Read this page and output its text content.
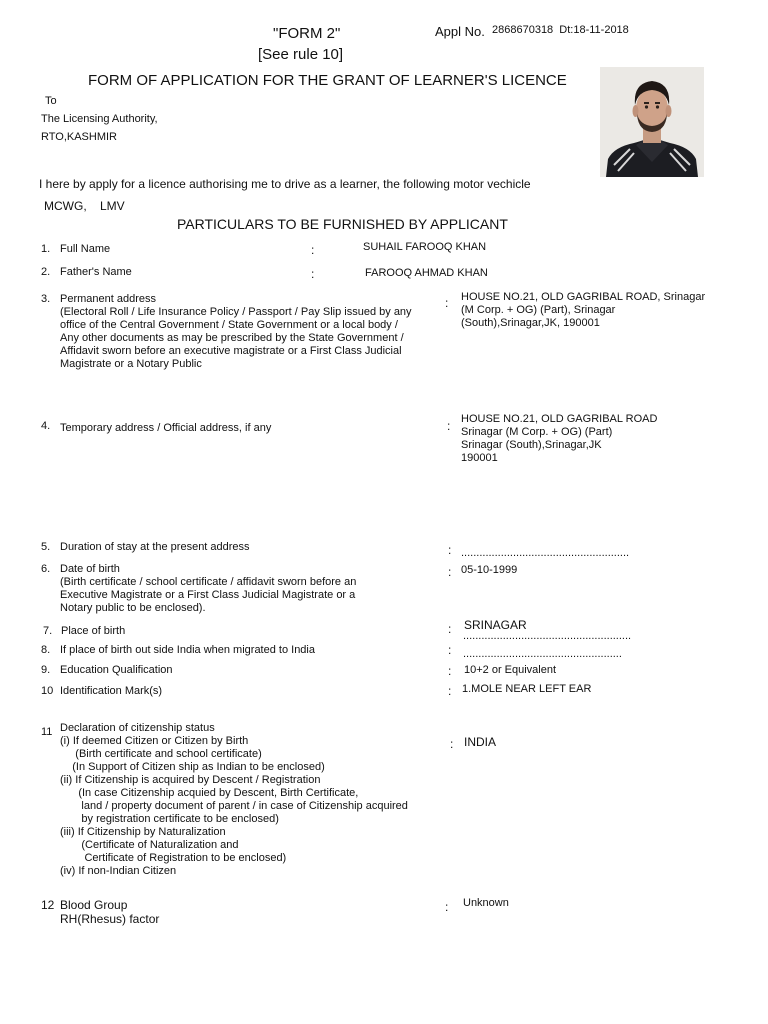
"FORM 2"
[See rule 10]
Appl No. 2868670318  Dt:18-11-2018
FORM OF APPLICATION FOR THE GRANT OF LEARNER'S LICENCE
To
The Licensing Authority,
RTO,KASHMIR
I here by apply for a licence authorising me to drive as a learner, the following motor vechicle
MCWG,    LMV
PARTICULARS TO BE FURNISHED BY APPLICANT
1. Full Name	:	SUHAIL FAROOQ KHAN
2. Father's Name	:	FAROOQ AHMAD KHAN
3. Permanent address
(Electoral Roll / Life Insurance Policy / Passport / Pay Slip issued by any
office of the Central Government / State Government or a local body /
Any other documents as may be prescribed by the State Government /
Affidavit sworn before an executive magistrate or a First Class Judicial
Magistrate or a Notary Public
: HOUSE NO.21, OLD GAGRIBAL ROAD, Srinagar
(M Corp. + OG) (Part), Srinagar
(South),Srinagar,JK, 190001
4. Temporary address / Official address, if any	: HOUSE NO.21, OLD GAGRIBAL ROAD
Srinagar (M Corp. + OG) (Part)
Srinagar (South),Srinagar,JK
190001
5. Duration of stay at the present address	: .......................................................
6. Date of birth
(Birth certificate / school certificate / affidavit sworn before an
Executive Magistrate or a First Class Judicial Magistrate or a
Notary public to be enclosed).
: 05-10-1999
7. Place of birth	: SRINAGAR
.......................................................
8. If place of birth out side India when migrated to India	: ....................................................
9. Education Qualification	: 10+2 or Equivalent
10 Identification Mark(s)	: 1.MOLE NEAR LEFT EAR
11 Declaration of citizenship status
(i) If deemed Citizen or Citizen by Birth
(Birth certificate and school certificate)
(In Support of Citizen ship as Indian to be enclosed)
(ii) If Citizenship is acquired by Descent / Registration
(In case Citizenship acquied by Descent, Birth Certificate,
land / property document of parent / in case of Citizenship acquired
by registration certificate to be enclosed)
(iii) If Citizenship by Naturalization
(Certificate of Naturalization and
Certificate of Registration to be enclosed)
(iv) If non-Indian Citizen
: INDIA
12 Blood Group
RH(Rhesus) factor
: Unknown
